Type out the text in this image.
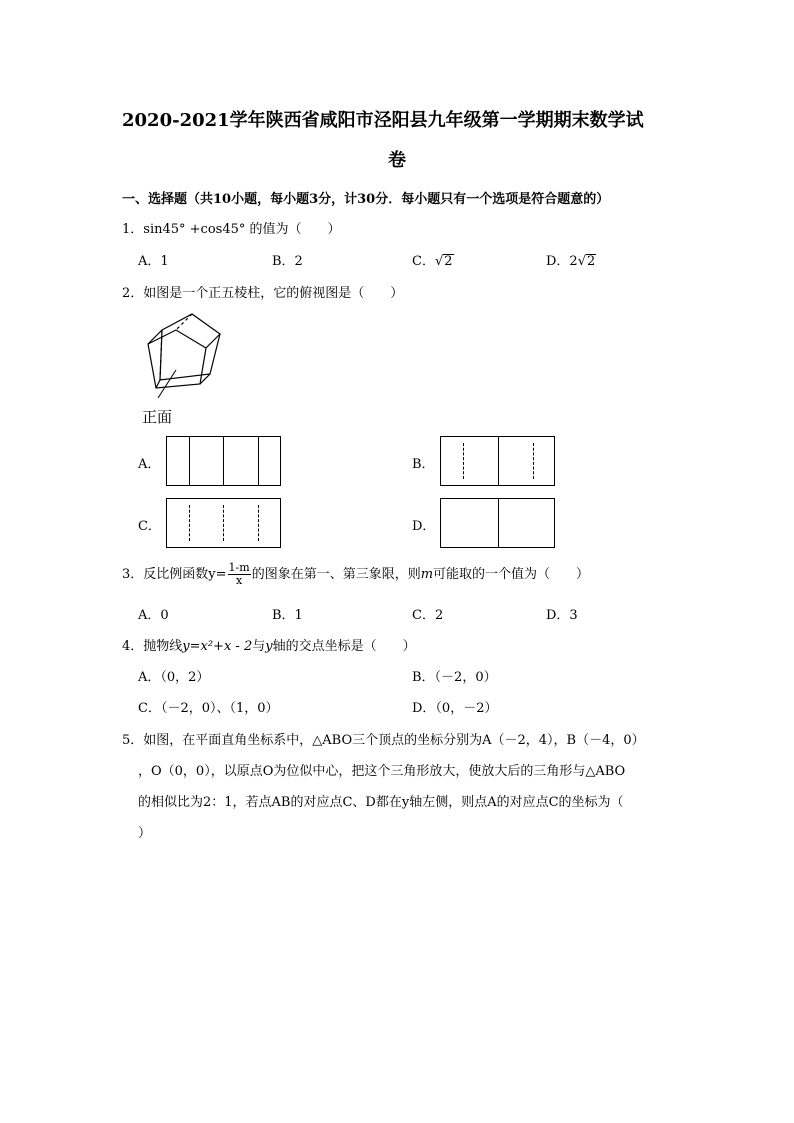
2020-2021学年陕西省咸阳市泾阳县九年级第一学期期末数学试
卷
一、选择题（共10小题，每小题3分，计30分．每小题只有一个选项是符合题意的）
1．sin45° +cos45° 的值为（　　）
A．1	B．2	C．√2	D．2√2
2．如图是一个正五棱柱，它的俯视图是（　　）
正面
A．	B．
C．	D．
3．反比例函数$y= \frac{1-m}{x}$ 的图象在第一、第三象限，则m可能取的一个值为（　　）
A．0	B．1	C．2	D．3
4．抛物线y=x²+x - 2与y轴的交点坐标是（　　）
A．（0，2）	B．（－2，0）
C．（－2，0）、（1，0）	D．（0，－2）
5．如图，在平面直角坐标系中，△ABO三个顶点的坐标分别为A（－2，4），B（－4，0）
，O（0，0），以原点O为位似中心，把这个三角形放大，使放大后的三角形与△ABO
的相似比为2：1，若点AB的对应点C、D都在y轴左侧，则点A的对应点C的坐标为（
）
